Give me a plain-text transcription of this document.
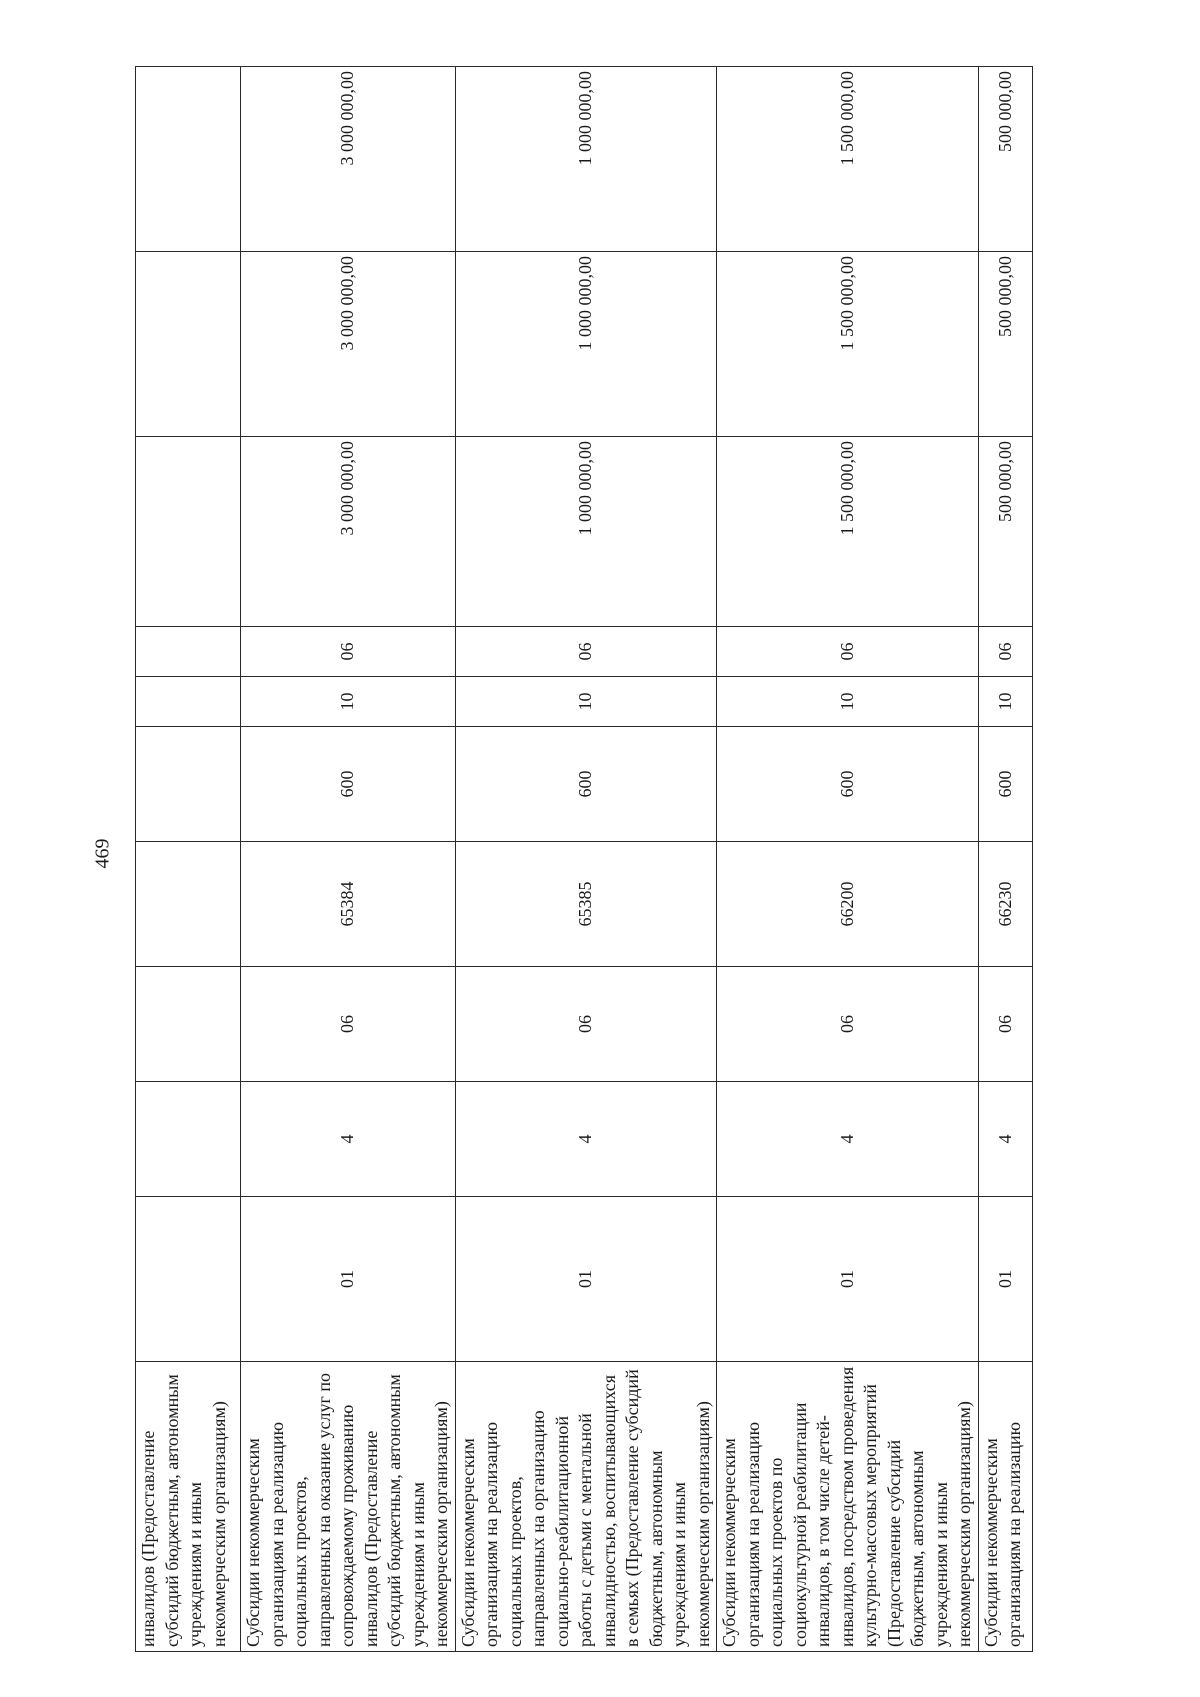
469
инвалидов (Предоставление субсидий бюджетным, автономным учреждениям и иным некоммерческим организациям)										
Субсидии некоммерческим организациям на реализацию социальных проектов, направленных на оказание услуг по сопровождаемому проживанию инвалидов (Предоставление субсидий бюджетным, автономным учреждениям и иным некоммерческим организациям)	01	4	06	65384	600	10	06	3 000 000,00	3 000 000,00	3 000 000,00
Субсидии некоммерческим организациям на реализацию социальных проектов, направленных на организацию социально-реабилитационной работы с детьми с ментальной инвалидностью, воспитывающихся в семьях (Предоставление субсидий бюджетным, автономным учреждениям и иным некоммерческим организациям)	01	4	06	65385	600	10	06	1 000 000,00	1 000 000,00	1 000 000,00
Субсидии некоммерческим организациям на реализацию социальных проектов по социокультурной реабилитации инвалидов, в том числе детей-инвалидов, посредством проведения культурно-массовых мероприятий (Предоставление субсидий бюджетным, автономным учреждениям и иным некоммерческим организациям)	01	4	06	66200	600	10	06	1 500 000,00	1 500 000,00	1 500 000,00
Субсидии некоммерческим организациям на реализацию	01	4	06	66230	600	10	06	500 000,00	500 000,00	500 000,00
